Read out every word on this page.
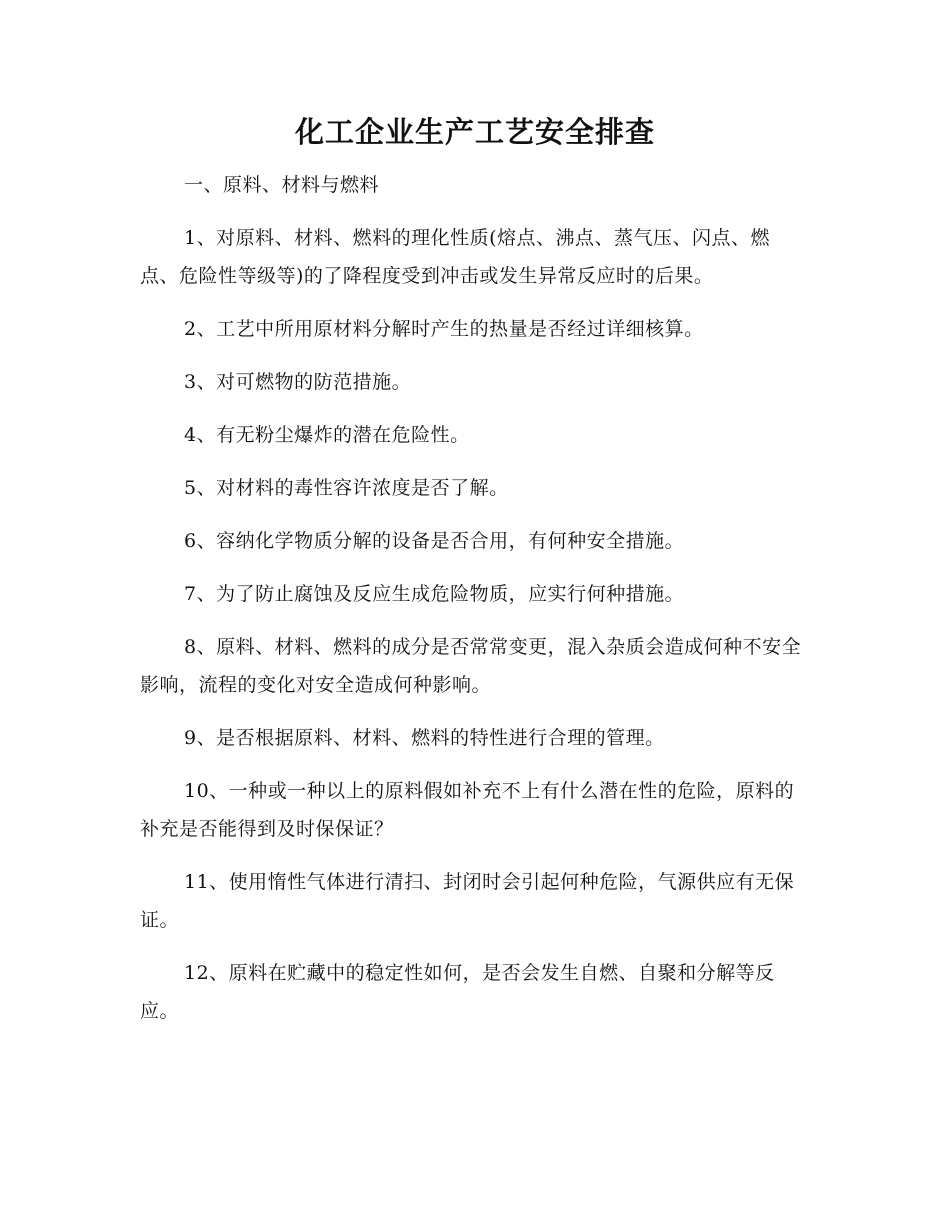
化工企业生产工艺安全排查

一、原料、材料与燃料

1、对原料、材料、燃料的理化性质(熔点、沸点、蒸气压、闪点、燃点、危险性等级等)的了降程度受到冲击或发生异常反应时的后果。

2、工艺中所用原材料分解时产生的热量是否经过详细核算。

3、对可燃物的防范措施。

4、有无粉尘爆炸的潜在危险性。

5、对材料的毒性容许浓度是否了解。

6、容纳化学物质分解的设备是否合用，有何种安全措施。

7、为了防止腐蚀及反应生成危险物质，应实行何种措施。

8、原料、材料、燃料的成分是否常常变更，混入杂质会造成何种不安全影响，流程的变化对安全造成何种影响。

9、是否根据原料、材料、燃料的特性进行合理的管理。

10、一种或一种以上的原料假如补充不上有什么潜在性的危险，原料的补充是否能得到及时保保证？

11、使用惰性气体进行清扫、封闭时会引起何种危险，气源供应有无保证。

12、原料在贮藏中的稳定性如何，是否会发生自燃、自聚和分解等反应。
